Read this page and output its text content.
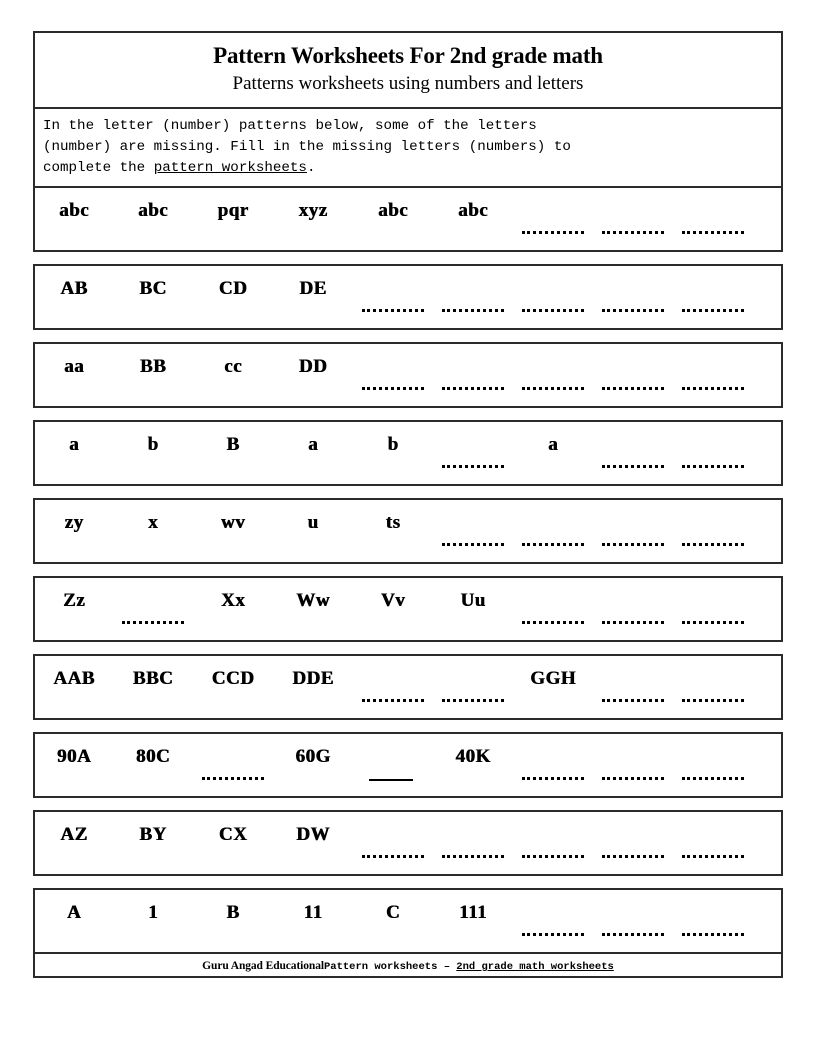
Pattern Worksheets For 2nd grade math
Patterns worksheets using numbers and letters
In the letter (number) patterns below, some of the letters
(number) are missing. Fill in the missing letters (numbers) to
complete the pattern worksheets.
abc	abc	pqr	xyz	abc	abc
AB	BC	CD	DE
aa	BB	cc	DD
a	b	B	a	b	a
zy	x	wv	u	ts
Zz	Xx	Ww	Vv	Uu
AAB	BBC	CCD	DDE	GGH
90A	80C	60G	40K
AZ	BY	CX	DW
A	1	B	11	C	111
Guru Angad EducationalPattern worksheets – 2nd grade math worksheets
